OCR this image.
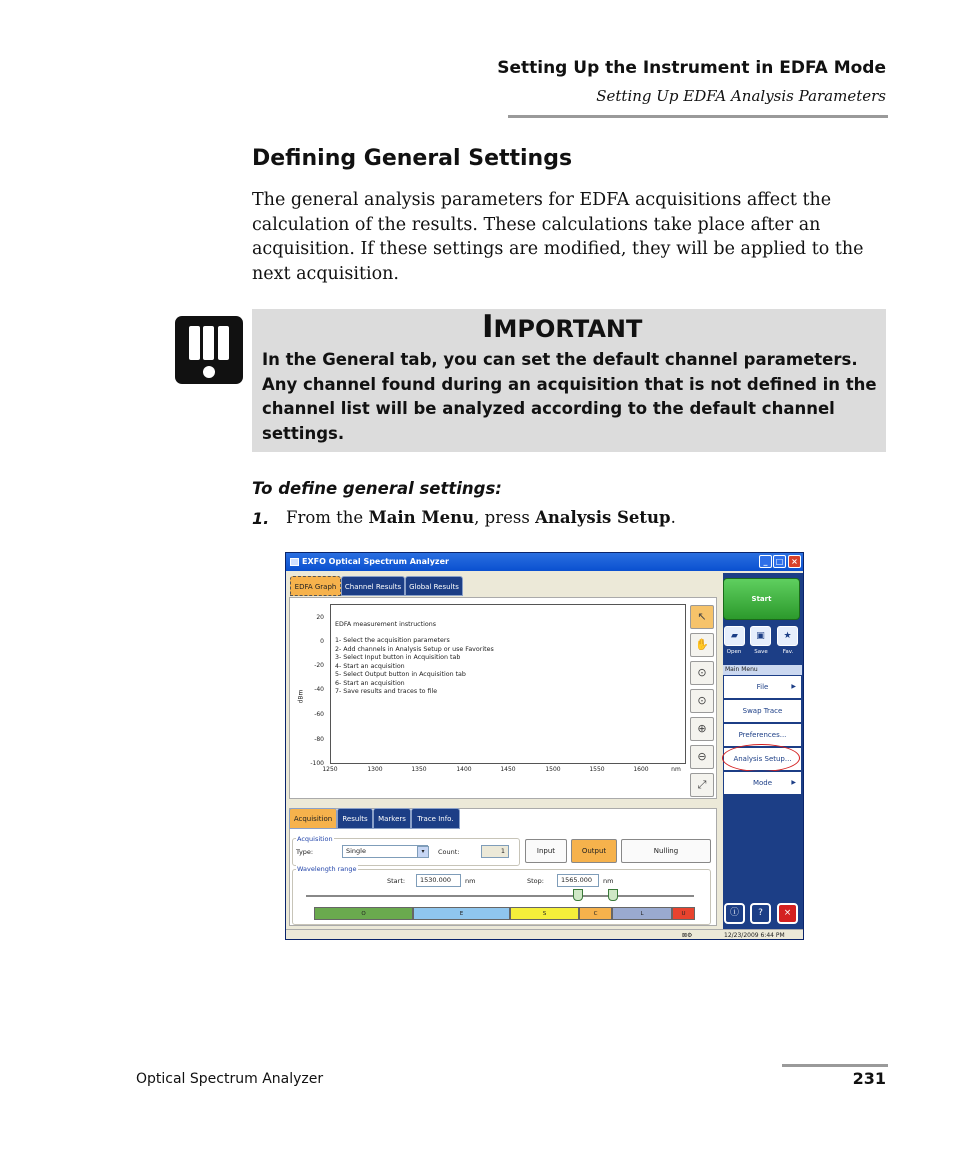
Setting Up the Instrument in EDFA Mode
Setting Up EDFA Analysis Parameters
Defining General Settings
The general analysis parameters for EDFA acquisitions affect the calculation of the results. These calculations take place after an acquisition. If these settings are modified, they will be applied to the next acquisition.
IMPORTANT
In the General tab, you can set the default channel parameters. Any channel found during an acquisition that is not defined in the channel list will be analyzed according to the default channel settings.
To define general settings:
1. From the Main Menu, press Analysis Setup.
EXFO Optical Spectrum Analyzer	_	□ ×
EDFA Graph	Channel Results	Global Results
20
0
-20
-40
-60
-80
-100
dBm
EDFA measurement instructions
1- Select the acquisition parameters
2- Add channels in Analysis Setup or use Favorites
3- Select Input button in Acquisition tab
4- Start an acquisition
5- Select Output button in Acquisition tab
6- Start an acquisition
7- Save results and traces to file
1250	1300	1350	1400	1450	1500	1550	1600	nm
↖
✋
⊙
⊙
⊕
⊖
⤢
Start
▰	▣	★
Open	Save	Fav.
Main Menu
File	▶
Swap Trace
Preferences...
Analysis Setup...
Mode	▶
ⓘ	?	×
Acquisition	Results	Markers	Trace Info.
Acquisition
Type:	Single	▾	Count:	1	Input	Output	Nulling
Wavelength range
Start:	1530.000	nm	Stop:	1565.000	nm
O	E	S	C	L	U
⊠⚙	12/23/2009 6:44 PM
Optical Spectrum Analyzer	231
